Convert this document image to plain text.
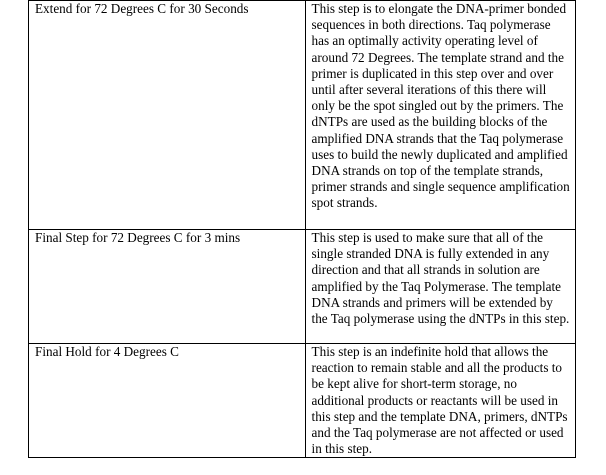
Extend for 72 Degrees C for 30 Seconds	This step is to elongate the DNA-primer bonded sequences in both directions. Taq polymerase has an optimally activity operating level of around 72 Degrees. The template strand and the primer is duplicated in this step over and over until after several iterations of this there will only be the spot singled out by the primers. The dNTPs are used as the building blocks of the amplified DNA strands that the Taq polymerase uses to build the newly duplicated and amplified DNA strands on top of the template strands, primer strands and single sequence amplification spot strands.

Final Step for 72 Degrees C for 3 mins	This step is used to make sure that all of the single stranded DNA is fully extended in any direction and that all strands in solution are amplified by the Taq Polymerase. The template DNA strands and primers will be extended by the Taq polymerase using the dNTPs in this step.

Final Hold for 4 Degrees C	This step is an indefinite hold that allows the reaction to remain stable and all the products to be kept alive for short-term storage, no additional products or reactants will be used in this step and the template DNA, primers, dNTPs and the Taq polymerase are not affected or used in this step.
